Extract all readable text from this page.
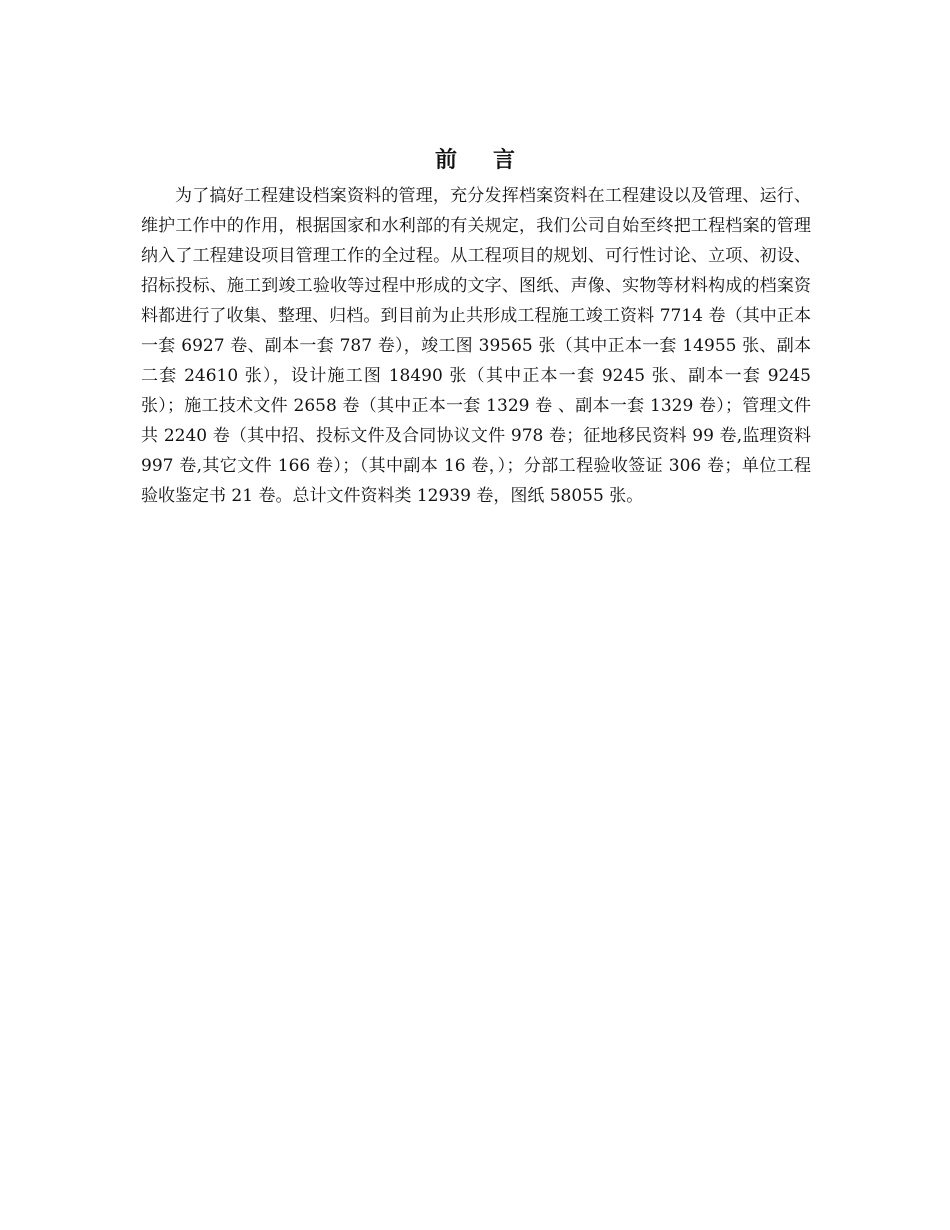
前言

为了搞好工程建设档案资料的管理，充分发挥档案资料在工程建设以及管理、运行、维护工作中的作用，根据国家和水利部的有关规定，我们公司自始至终把工程档案的管理纳入了工程建设项目管理工作的全过程。从工程项目的规划、可行性讨论、立项、初设、招标投标、施工到竣工验收等过程中形成的文字、图纸、声像、实物等材料构成的档案资料都进行了收集、整理、归档。到目前为止共形成工程施工竣工资料 7714 卷（其中正本一套 6927 卷、副本一套 787 卷），竣工图 39565 张（其中正本一套 14955 张、副本二套 24610 张），设计施工图 18490 张（其中正本一套 9245 张、副本一套 9245 张）；施工技术文件 2658 卷（其中正本一套 1329 卷 、副本一套 1329 卷）；管理文件共 2240 卷（其中招、投标文件及合同协议文件 978 卷；征地移民资料 99 卷,监理资料 997 卷,其它文件 166 卷）；（其中副本 16 卷，）；分部工程验收签证 306 卷；单位工程验收鉴定书 21 卷。总计文件资料类 12939 卷，图纸 58055 张。
